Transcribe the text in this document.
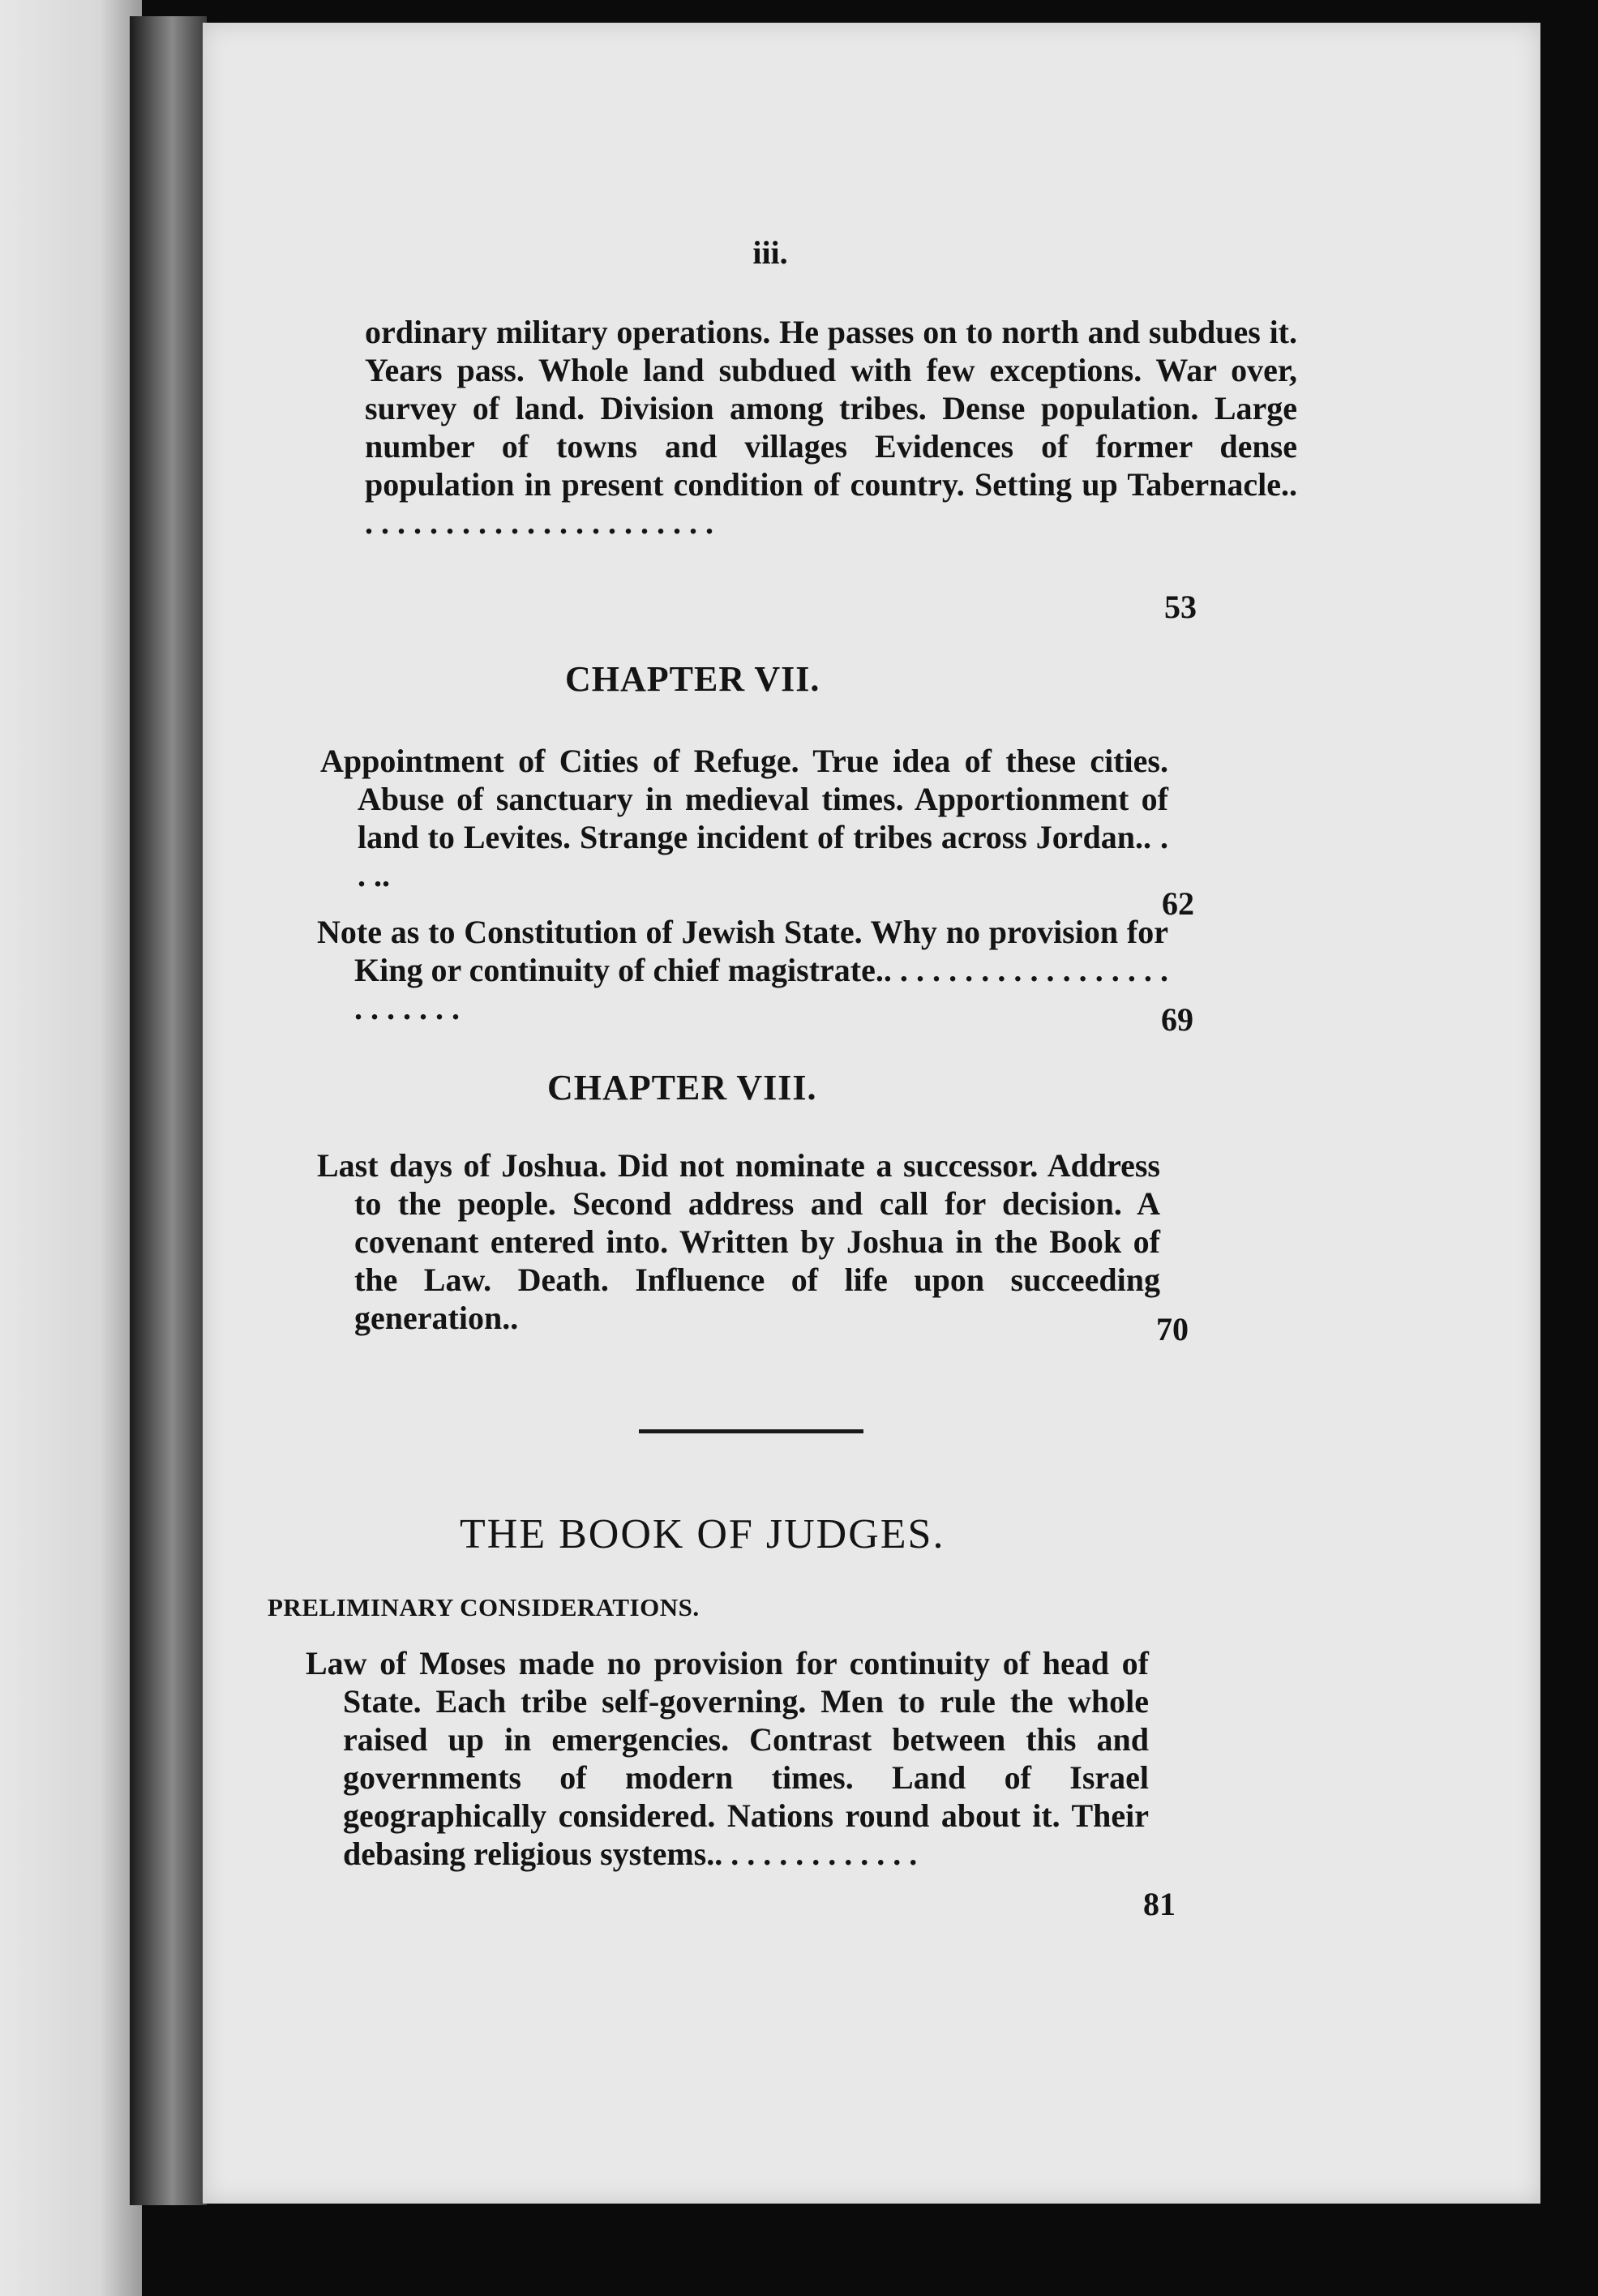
iii.
ordinary military operations. He passes on to north and subdues it. Years pass. Whole land subdued with few exceptions. War over, survey of land. Division among tribes. Dense population. Large number of towns and villages Evidences of former dense population in present condition of country. Setting up Tabernacle.. . . . . . . . . . . . . . . . . . . . . . .
53
CHAPTER VII.
Appointment of Cities of Refuge. True idea of these cities. Abuse of sanctuary in medieval times. Apportionment of land to Levites. Strange incident of tribes across Jordan.. . . ..
62
Note as to Constitution of Jewish State. Why no provision for King or continuity of chief magistrate.. . . . . . . . . . . . . . . . . . . . . . . . .	69
CHAPTER VIII.
Last days of Joshua. Did not nominate a successor. Address to the people. Second address and call for decision. A covenant entered into. Written by Joshua in the Book of the Law. Death. Influence of life upon succeeding generation..	70
THE BOOK OF JUDGES.
PRELIMINARY CONSIDERATIONS.
Law of Moses made no provision for continuity of head of State. Each tribe self-governing. Men to rule the whole raised up in emergencies. Contrast between this and governments of modern times. Land of Israel geographically considered. Nations round about it. Their debasing religious systems.. . . . . . . . . . . . .
81
